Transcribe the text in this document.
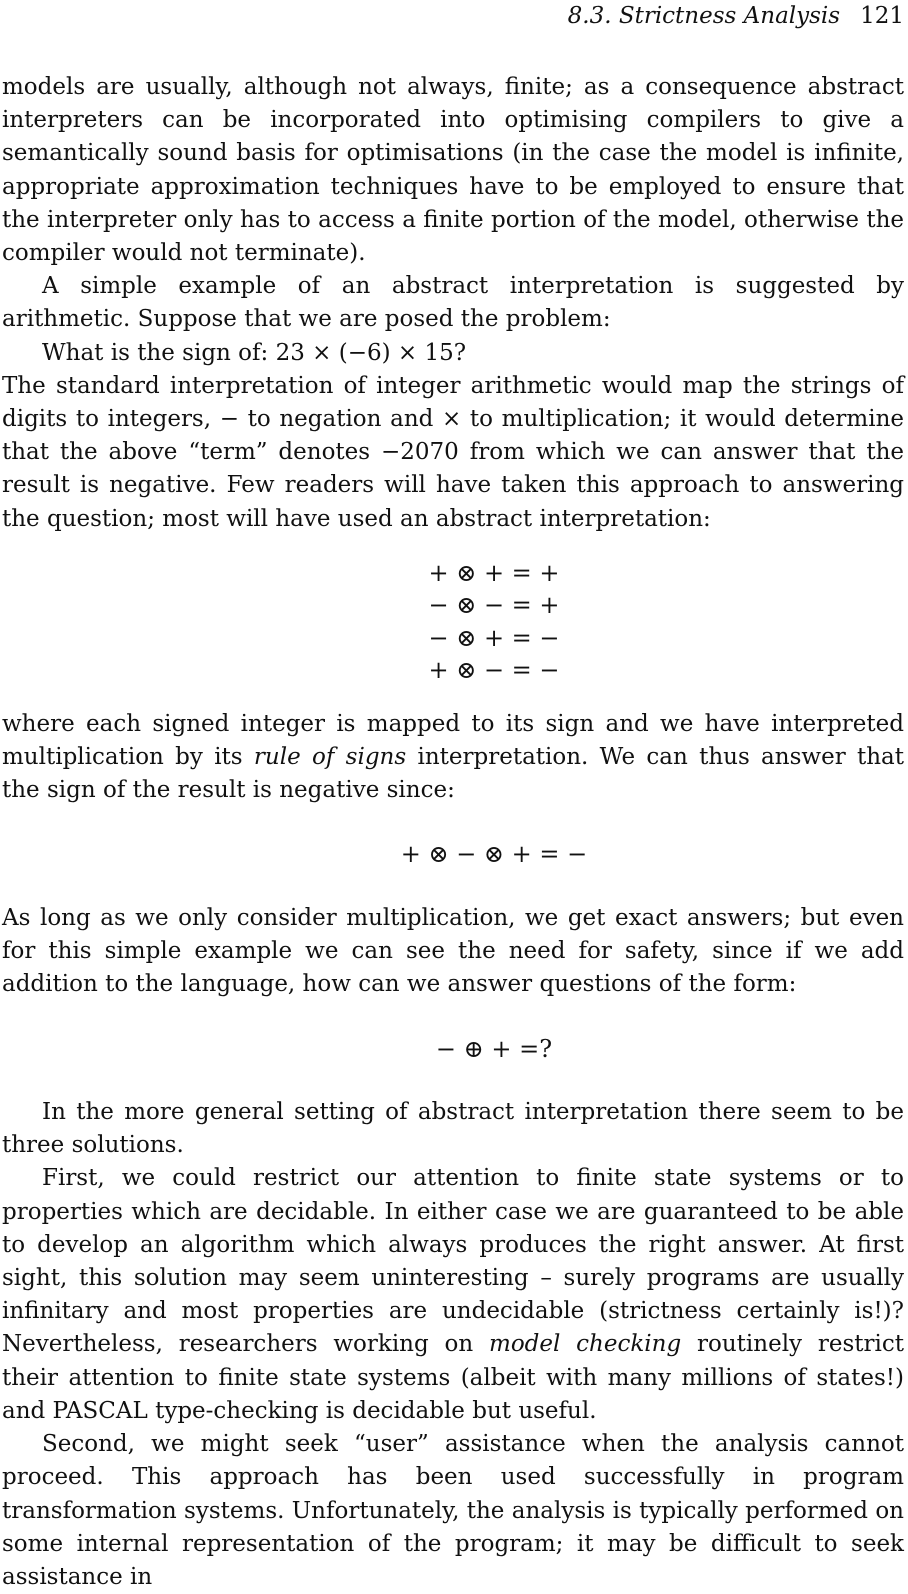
8.3. Strictness Analysis 121

models are usually, although not always, finite; as a consequence abstract interpreters can be incorporated into optimising compilers to give a semantically sound basis for optimisations (in the case the model is infinite, appropriate approximation techniques have to be employed to ensure that the interpreter only has to access a finite portion of the model, otherwise the compiler would not terminate).

A simple example of an abstract interpretation is suggested by arithmetic. Suppose that we are posed the problem:

What is the sign of: 23 × (−6) × 15?

The standard interpretation of integer arithmetic would map the strings of digits to integers, − to negation and × to multiplication; it would determine that the above “term” denotes −2070 from which we can answer that the result is negative. Few readers will have taken this approach to answering the question; most will have used an abstract interpretation:

+ ⊗ + = +
− ⊗ − = +
− ⊗ + = −
+ ⊗ − = −

where each signed integer is mapped to its sign and we have interpreted multiplication by its rule of signs interpretation. We can thus answer that the sign of the result is negative since:

+ ⊗ − ⊗ + = −

As long as we only consider multiplication, we get exact answers; but even for this simple example we can see the need for safety, since if we add addition to the language, how can we answer questions of the form:

− ⊕ + =?

In the more general setting of abstract interpretation there seem to be three solutions.

First, we could restrict our attention to finite state systems or to properties which are decidable. In either case we are guaranteed to be able to develop an algorithm which always produces the right answer. At first sight, this solution may seem uninteresting – surely programs are usually infinitary and most properties are undecidable (strictness certainly is!)? Nevertheless, researchers working on model checking routinely restrict their attention to finite state systems (albeit with many millions of states!) and PASCAL type-checking is decidable but useful.

Second, we might seek “user” assistance when the analysis cannot proceed. This approach has been used successfully in program transformation systems. Unfortunately, the analysis is typically performed on some internal representation of the program; it may be difficult to seek assistance in
